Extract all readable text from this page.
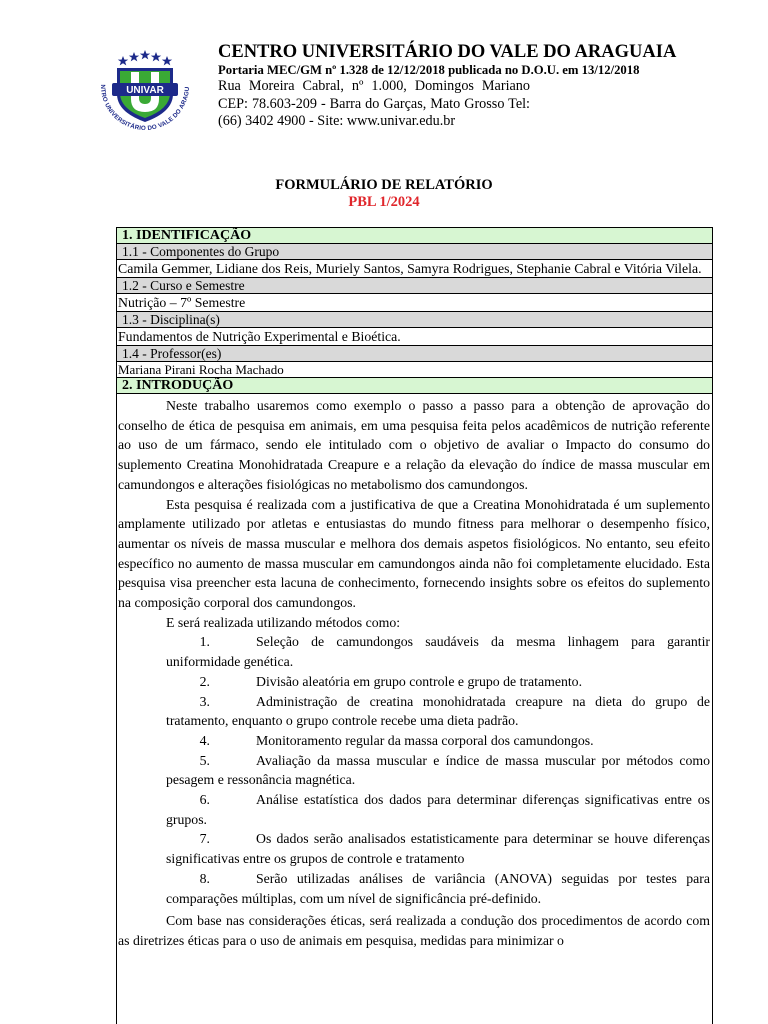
NTRO UNIVERSITÁRIO DO VALE DO ARAGU
UNIVAR
CENTRO UNIVERSITÁRIO DO VALE DO ARAGUAIA
Portaria MEC/GM nº 1.328 de 12/12/2018 publicada no D.O.U. em 13/12/2018
Rua Moreira Cabral, nº 1.000, Domingos Mariano CEP: 78.603-209 - Barra do Garças, Mato Grosso Tel: (66) 3402 4900 - Site: www.univar.edu.br
FORMULÁRIO DE RELATÓRIO
PBL 1/2024
1. IDENTIFICAÇÃO
1.1 - Componentes do Grupo
Camila Gemmer, Lidiane dos Reis, Muriely Santos, Samyra Rodrigues, Stephanie Cabral e Vitória Vilela.
1.2 - Curso e Semestre
Nutrição – 7º Semestre
1.3 - Disciplina(s)
Fundamentos de Nutrição Experimental e Bioética.
1.4 - Professor(es)
Mariana Pirani Rocha Machado
2. INTRODUÇÃO

Neste trabalho usaremos como exemplo o passo a passo para a obtenção de aprovação do conselho de ética de pesquisa em animais, em uma pesquisa feita pelos acadêmicos de nutrição referente ao uso de um fármaco, sendo ele intitulado com o objetivo de avaliar o Impacto do consumo do suplemento Creatina Monohidratada Creapure e a relação da elevação do índice de massa muscular em camundongos e alterações fisiológicas no metabolismo dos camundongos.

Esta pesquisa é realizada com a justificativa de que a Creatina Monohidratada é um suplemento amplamente utilizado por atletas e entusiastas do mundo fitness para melhorar o desempenho físico, aumentar os níveis de massa muscular e melhora dos demais aspetos fisiológicos. No entanto, seu efeito específico no aumento de massa muscular em camundongos ainda não foi completamente elucidado. Esta pesquisa visa preencher esta lacuna de conhecimento, fornecendo insights sobre os efeitos do suplemento na composição corporal dos camundongos.

E será realizada utilizando métodos como:

1.	Seleção de camundongos saudáveis da mesma linhagem para garantir uniformidade genética.

2.	Divisão aleatória em grupo controle e grupo de tratamento.

3.	Administração de creatina monohidratada creapure na dieta do grupo de tratamento, enquanto o grupo controle recebe uma dieta padrão.

4.	Monitoramento regular da massa corporal dos camundongos.

5.	Avaliação da massa muscular e índice de massa muscular por métodos como pesagem e ressonância magnética.

6.	Análise estatística dos dados para determinar diferenças significativas entre os grupos.

7.	Os dados serão analisados estatisticamente para determinar se houve diferenças significativas entre os grupos de controle e tratamento

8.	Serão utilizadas análises de variância (ANOVA) seguidas por testes para comparações múltiplas, com um nível de significância pré-definido.

Com base nas considerações éticas, será realizada a condução dos procedimentos de acordo com as diretrizes éticas para o uso de animais em pesquisa, medidas para minimizar o
